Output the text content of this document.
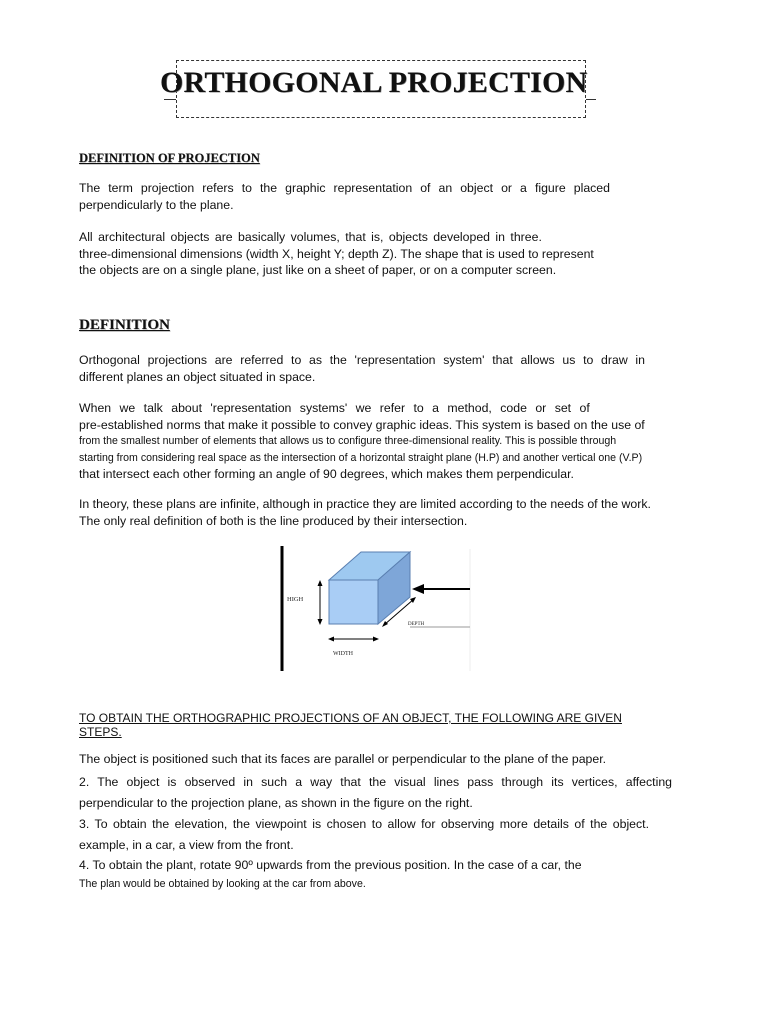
ORTHOGONAL PROJECTION
DEFINITION OF PROJECTION
The term projection refers to the graphic representation of an object or a figure placed
perpendicularly to the plane.
All architectural objects are basically volumes, that is, objects developed in three.
three-dimensional dimensions (width X, height Y; depth Z). The shape that is used to represent
the objects are on a single plane, just like on a sheet of paper, or on a computer screen.
DEFINITION
Orthogonal projections are referred to as the 'representation system' that allows us to draw in
different planes an object situated in space.
When we talk about 'representation systems' we refer to a method, code or set of
pre-established norms that make it possible to convey graphic ideas. This system is based on the use of
from the smallest number of elements that allows us to configure three-dimensional reality. This is possible through
starting from considering real space as the intersection of a horizontal straight plane (H.P) and another vertical one (V.P)
that intersect each other forming an angle of 90 degrees, which makes them perpendicular.
In theory, these plans are infinite, although in practice they are limited according to the needs of the work.
The only real definition of both is the line produced by their intersection.
HIGH
DEPTH
WIDTH
TO OBTAIN THE ORTHOGRAPHIC PROJECTIONS OF AN OBJECT, THE FOLLOWING ARE GIVEN
STEPS.
The object is positioned such that its faces are parallel or perpendicular to the plane of the paper.
2. The object is observed in such a way that the visual lines pass through its vertices, affecting
perpendicular to the projection plane, as shown in the figure on the right.
3. To obtain the elevation, the viewpoint is chosen to allow for observing more details of the object.
example, in a car, a view from the front.
4. To obtain the plant, rotate 90º upwards from the previous position. In the case of a car, the
The plan would be obtained by looking at the car from above.
